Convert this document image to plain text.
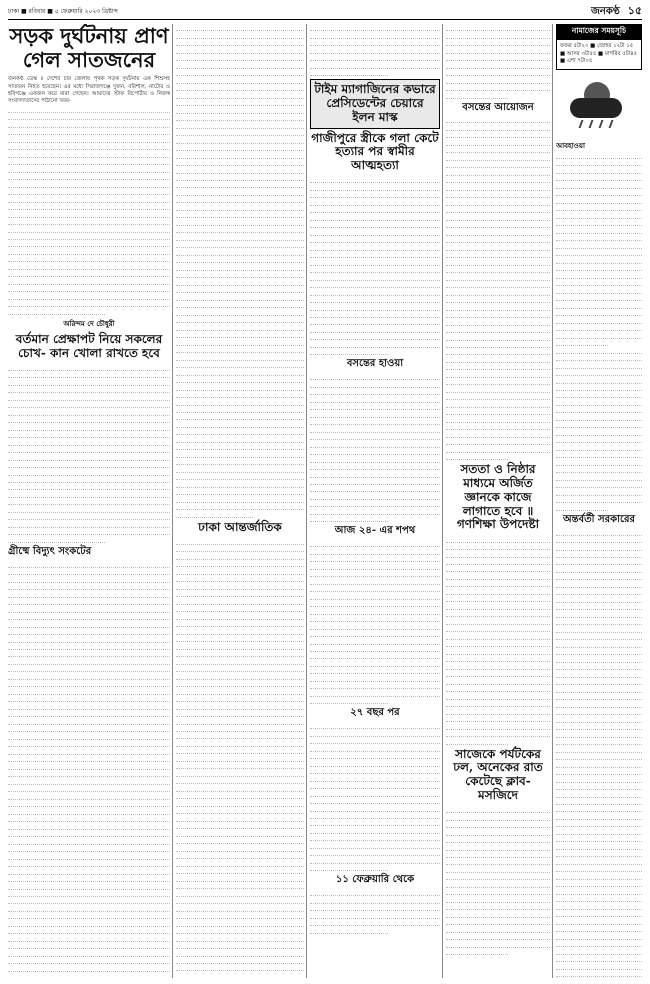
ঢাকা ■ রবিবার ■ ৫ ফেব্রুয়ারি ২০২৩ খ্রিষ্টাব্দ	জনকণ্ঠ ১৫
সড়ক দুর্ঘটনায় প্রাণ গেল সাতজনের
জনকণ্ঠ ডেস্ক ॥ দেশের চার জেলায় পৃথক সড়ক দুর্ঘটনায় এক শিশুসহ সাতজন নিহত হয়েছেন। এর মধ্যে সিরাজগঞ্জে দুজন, বরিশাল, নাটোর ও হবিগঞ্জে একজন করে মারা গেছেন। আমাদের স্টাফ রিপোর্টার ও নিজস্ব সংবাদদাতাদের পাঠানো খবর-
অরিন্দম দে চৌধুরী
বর্তমান প্রেক্ষাপট নিয়ে সকলের চোখ- কান খোলা রাখতে হবে
গ্রীষ্মে বিদ্যুৎ সংকটের
ঢাকা আন্তর্জাতিক
টাইম ম্যাগাজিনের কভারে প্রেসিডেন্টের চেয়ারে ইলন মাস্ক
গাজীপুরে স্ত্রীকে গলা কেটে হত্যার পর স্বামীর আত্মহত্যা
বসন্তের হাওয়া
আজ ২৪- এর শপথ
২৭ বছর পর
১১ ফেব্রুয়ারি থেকে
বসন্তের আয়োজন
সততা ও নিষ্ঠার মাধ্যমে অর্জিত জ্ঞানকে কাজে লাগাতে হবে ॥ গণশিক্ষা উপদেষ্টা
সাজেকে পর্যটকের ঢল, অনেকের রাত কেটেছে ক্লাব- মসজিদে
নামাজের সময়সূচি
ফজর ৫টা২০ ■ জোহর ১২টা ১৫ ■ আসর ৩টা৫৫ ■ মাগরিব ৫টা৪৫ ■ এশা ৭টা০৫
আবহাওয়া
অন্তর্বর্তী সরকারের
